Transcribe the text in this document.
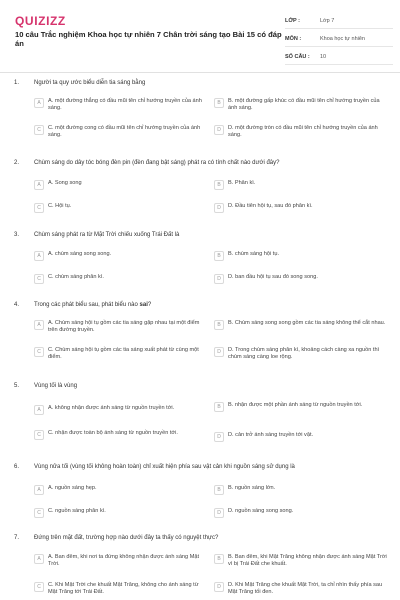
QUIZIZZ
10 câu Trắc nghiệm Khoa học tự nhiên 7 Chân trời sáng tạo Bài 15 có đáp án
LỚP :	Lớp 7
MÔN :	Khoa học tự nhiên
SỐ CÂU :	10
1. Người ta quy ước biểu diễn tia sáng bằng
A	A. một đường thẳng có đầu mũi tên chỉ hướng truyền của ánh sáng.
B	B. một đường gấp khúc có đầu mũi tên chỉ hướng truyền của ánh sáng.
C	C. một đường cong có đầu mũi tên chỉ hướng truyền của ánh sáng.
D	D. một đường tròn có đầu mũi tên chỉ hướng truyền của ánh sáng.
2. Chùm sáng do dây tóc bóng đèn pin (đèn đang bật sáng) phát ra có tính chất nào dưới đây?
A	A. Song song	B	B. Phân kì.
C	C. Hội tụ.	D	D. Đầu tiên hội tụ, sau đó phân kì.
3. Chùm sáng phát ra từ Mặt Trời chiếu xuống Trái Đất là
A	A. chùm sáng song song.	B	B. chùm sáng hội tụ.
C	C. chùm sáng phân kì.	D	D. ban đầu hội tụ sau đó song song.
4. Trong các phát biểu sau, phát biểu nào sai?
A	A. Chùm sáng hội tụ gồm các tia sáng gặp nhau tại một điểm trên đường truyền.
B	B. Chùm sáng song song gồm các tia sáng không thể cắt nhau.
C	C. Chùm sáng hội tụ gồm các tia sáng xuất phát từ cùng một điểm.
D	D. Trong chùm sáng phân kì, khoảng cách càng xa nguồn thì chùm sáng càng loe rộng.
5. Vùng tối là vùng
A	A. không nhận được ánh sáng từ nguồn truyền tới.	B	B. nhận được một phần ánh sáng từ nguồn truyền tới.
C	C. nhận được toàn bộ ánh sáng từ nguồn truyền tới.
D	D. cản trở ánh sáng truyền tới vật.
6. Vùng nửa tối (vùng tối không hoàn toàn) chỉ xuất hiện phía sau vật cản khi nguồn sáng sử dụng là
A	A. nguồn sáng hẹp.	B	B. nguồn sáng lớn.
C	C. nguồn sáng phân kì.	D	D. nguồn sáng song song.
7. Đứng trên mặt đất, trường hợp nào dưới đây ta thấy có nguyệt thực?
A	A. Ban đêm, khi nơi ta đứng không nhận được ánh sáng Mặt Trời.
B	B. Ban đêm, khi Mặt Trăng không nhận được ánh sáng Mặt Trời vì bị Trái Đất che khuất.
C	C. Khi Mặt Trời che khuất Mặt Trăng, không cho ánh sáng từ Mặt Trăng tới Trái Đất.
D	D. Khi Mặt Trăng che khuất Mặt Trời, ta chỉ nhìn thấy phía sau Mặt Trăng tối đen.
